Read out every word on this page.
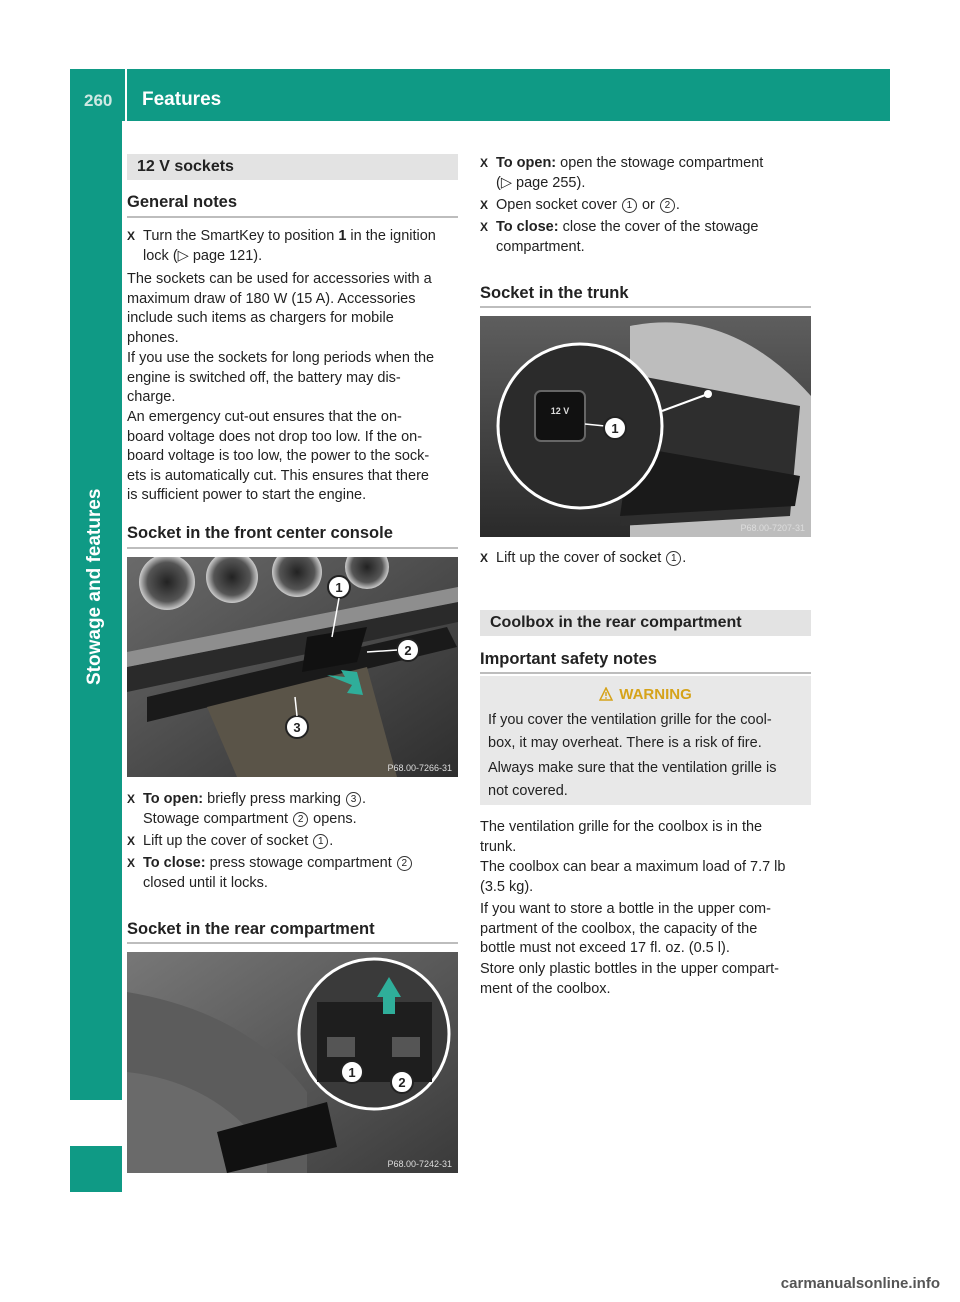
260 Features
Stowage and features
12 V sockets
General notes
X Turn the SmartKey to position 1 in the ignition
lock (▷ page 121).
The sockets can be used for accessories with a
maximum draw of 180 W (15 A). Accessories
include such items as chargers for mobile
phones.
If you use the sockets for long periods when the
engine is switched off, the battery may dis-
charge.
An emergency cut-out ensures that the on-
board voltage does not drop too low. If the on-
board voltage is too low, the power to the sock-
ets is automatically cut. This ensures that there
is sufficient power to start the engine.
Socket in the front center console
1
2
3
P68.00-7266-31
X To open: briefly press marking 3 .
Stowage compartment 2 opens.
X Lift up the cover of socket 1 .
X To close: press stowage compartment 2
closed until it locks.
Socket in the rear compartment
1
2
P68.00-7242-31
X To open: open the stowage compartment
(▷ page 255).
X Open socket cover 1 or 2 .
X To close: close the cover of the stowage
compartment.
Socket in the trunk
12 V
1
P68.00-7207-31
X Lift up the cover of socket 1 .
Coolbox in the rear compartment
Important safety notes
WARNING
If you cover the ventilation grille for the cool-
box, it may overheat. There is a risk of fire.
Always make sure that the ventilation grille is
not covered.
The ventilation grille for the coolbox is in the
trunk.
The coolbox can bear a maximum load of 7.7 lb
(3.5 kg).
If you want to store a bottle in the upper com-
partment of the coolbox, the capacity of the
bottle must not exceed 17 fl. oz. (0.5 l).
Store only plastic bottles in the upper compart-
ment of the coolbox.
carmanualsonline.info
